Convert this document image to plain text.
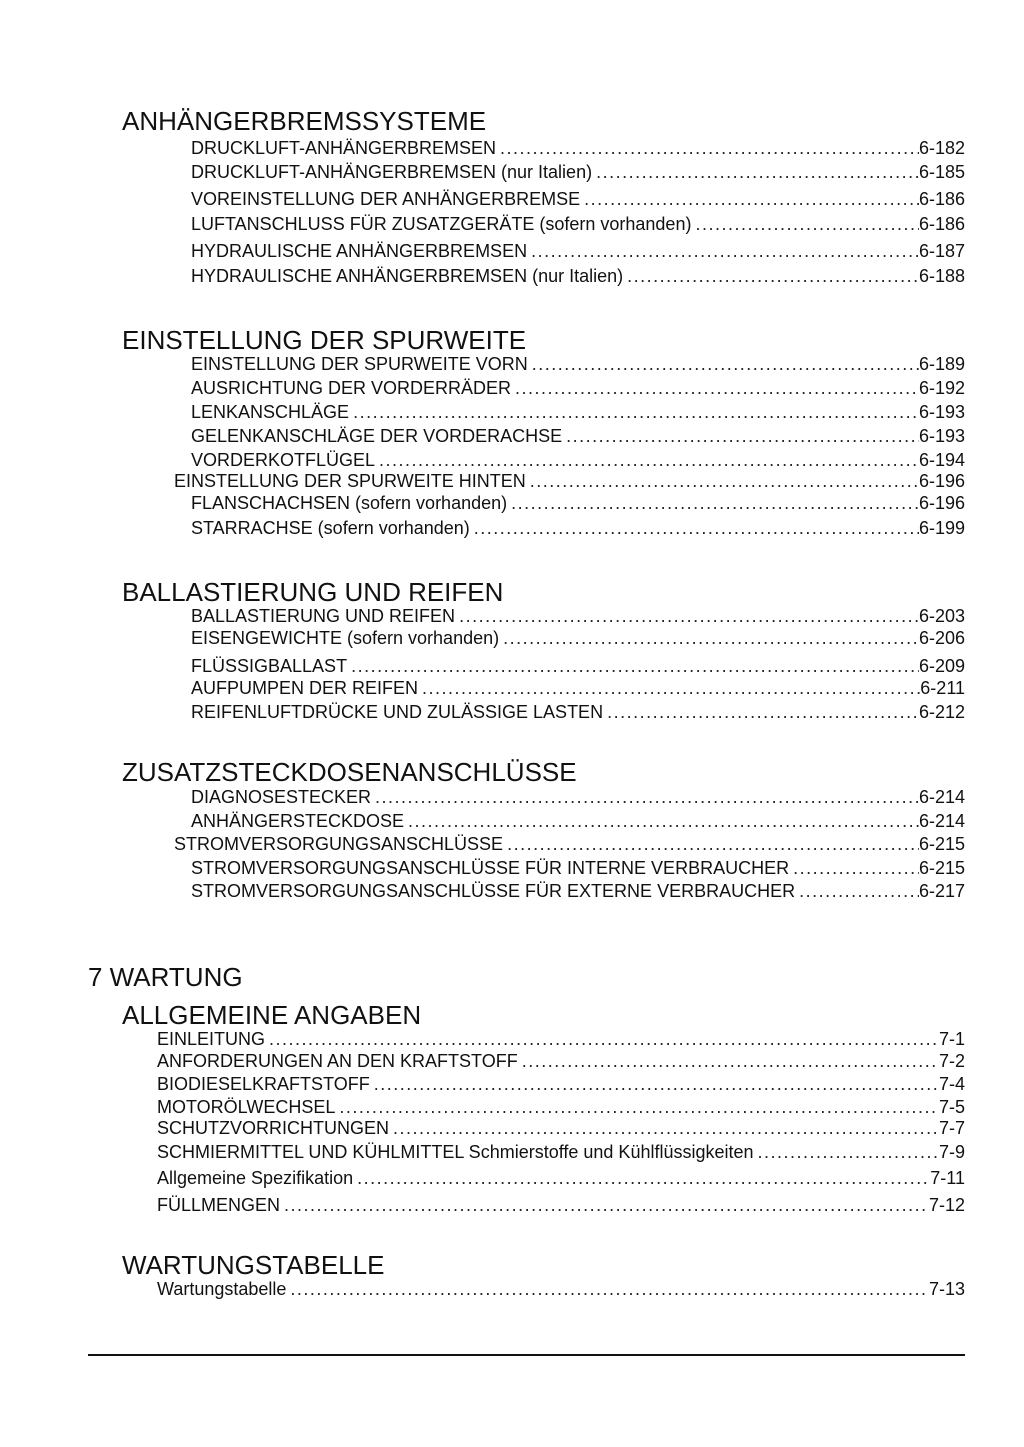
ANHÄNGERBREMSSYSTEME
DRUCKLUFT-ANHÄNGERBREMSEN .....	6-182
DRUCKLUFT-ANHÄNGERBREMSEN (nur Italien) .....	6-185
VOREINSTELLUNG DER ANHÄNGERBREMSE .....	6-186
LUFTANSCHLUSS FÜR ZUSATZGERÄTE (sofern vorhanden) .....	6-186
HYDRAULISCHE ANHÄNGERBREMSEN .....	6-187
HYDRAULISCHE ANHÄNGERBREMSEN (nur Italien) .....	6-188
EINSTELLUNG DER SPURWEITE
EINSTELLUNG DER SPURWEITE VORN .....	6-189
AUSRICHTUNG DER VORDERRÄDER .....	6-192
LENKANSCHLÄGE .....	6-193
GELENKANSCHLÄGE DER VORDERACHSE .....	6-193
VORDERKOTFLÜGEL .....	6-194
EINSTELLUNG DER SPURWEITE HINTEN .....	6-196
FLANSCHACHSEN (sofern vorhanden) .....	6-196
STARRACHSE (sofern vorhanden) .....	6-199
BALLASTIERUNG UND REIFEN
BALLASTIERUNG UND REIFEN .....	6-203
EISENGEWICHTE (sofern vorhanden) .....	6-206
FLÜSSIGBALLAST .....	6-209
AUFPUMPEN DER REIFEN .....	6-211
REIFENLUFTDRÜCKE UND ZULÄSSIGE LASTEN .....	6-212
ZUSATZSTECKDOSENANSCHLÜSSE
DIAGNOSESTECKER .....	6-214
ANHÄNGERSTECKDOSE .....	6-214
STROMVERSORGUNGSANSCHLÜSSE .....	6-215
STROMVERSORGUNGSANSCHLÜSSE FÜR INTERNE VERBRAUCHER .....	6-215
STROMVERSORGUNGSANSCHLÜSSE FÜR EXTERNE VERBRAUCHER .....	6-217
7 WARTUNG
ALLGEMEINE ANGABEN
EINLEITUNG .....	7-1
ANFORDERUNGEN AN DEN KRAFTSTOFF .....	7-2
BIODIESELKRAFTSTOFF .....	7-4
MOTORÖLWECHSEL .....	7-5
SCHUTZVORRICHTUNGEN .....	7-7
SCHMIERMITTEL UND KÜHLMITTEL Schmierstoffe und Kühlflüssigkeiten .....	7-9
Allgemeine Spezifikation .....	7-11
FÜLLMENGEN .....	7-12
WARTUNGSTABELLE
Wartungstabelle .....	7-13
